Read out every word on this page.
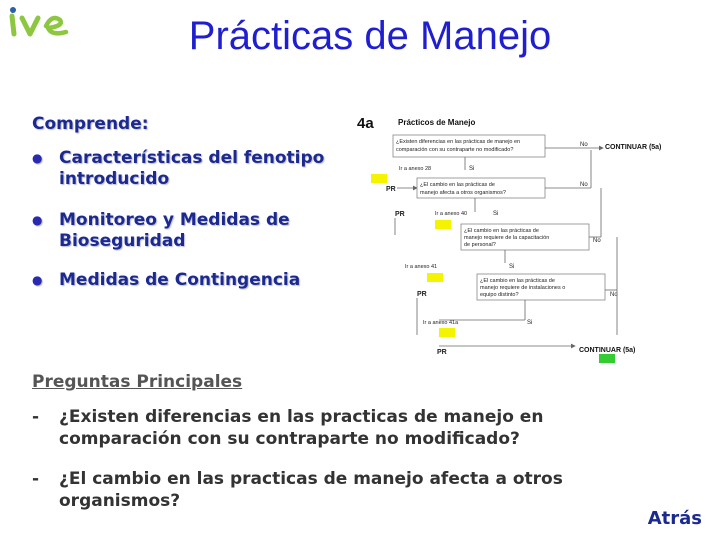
Prácticas de Manejo
Comprende:
● Características del fenotipo introducido
● Monitoreo y Medidas de Bioseguridad
● Medidas de Contingencia
4a	Prácticos de Manejo
¿Existen diferencias en las prácticas de manejo en comparación con su contraparte no modificado?
No CONTINUAR (5a)
Ir a anexo 28	Si
PR
¿El cambio en las prácticas de manejo afecta a otros organismos?
No
PR	Ir a anexo 40	Si
¿El cambio en las prácticas de manejo requiere de la capacitación de personal?
No
Ir a anexo 41	Si
PR
¿El cambio en las prácticas de manejo requiere de instalaciones o equipo distinto?	No
Ir a anexo 41a	Si
PR	CONTINUAR (5a)
Preguntas Principales
- ¿Existen diferencias en las practicas de manejo en comparación con su contraparte no modificado?
- ¿El cambio en las practicas de manejo afecta a otros organismos?
Atrás
